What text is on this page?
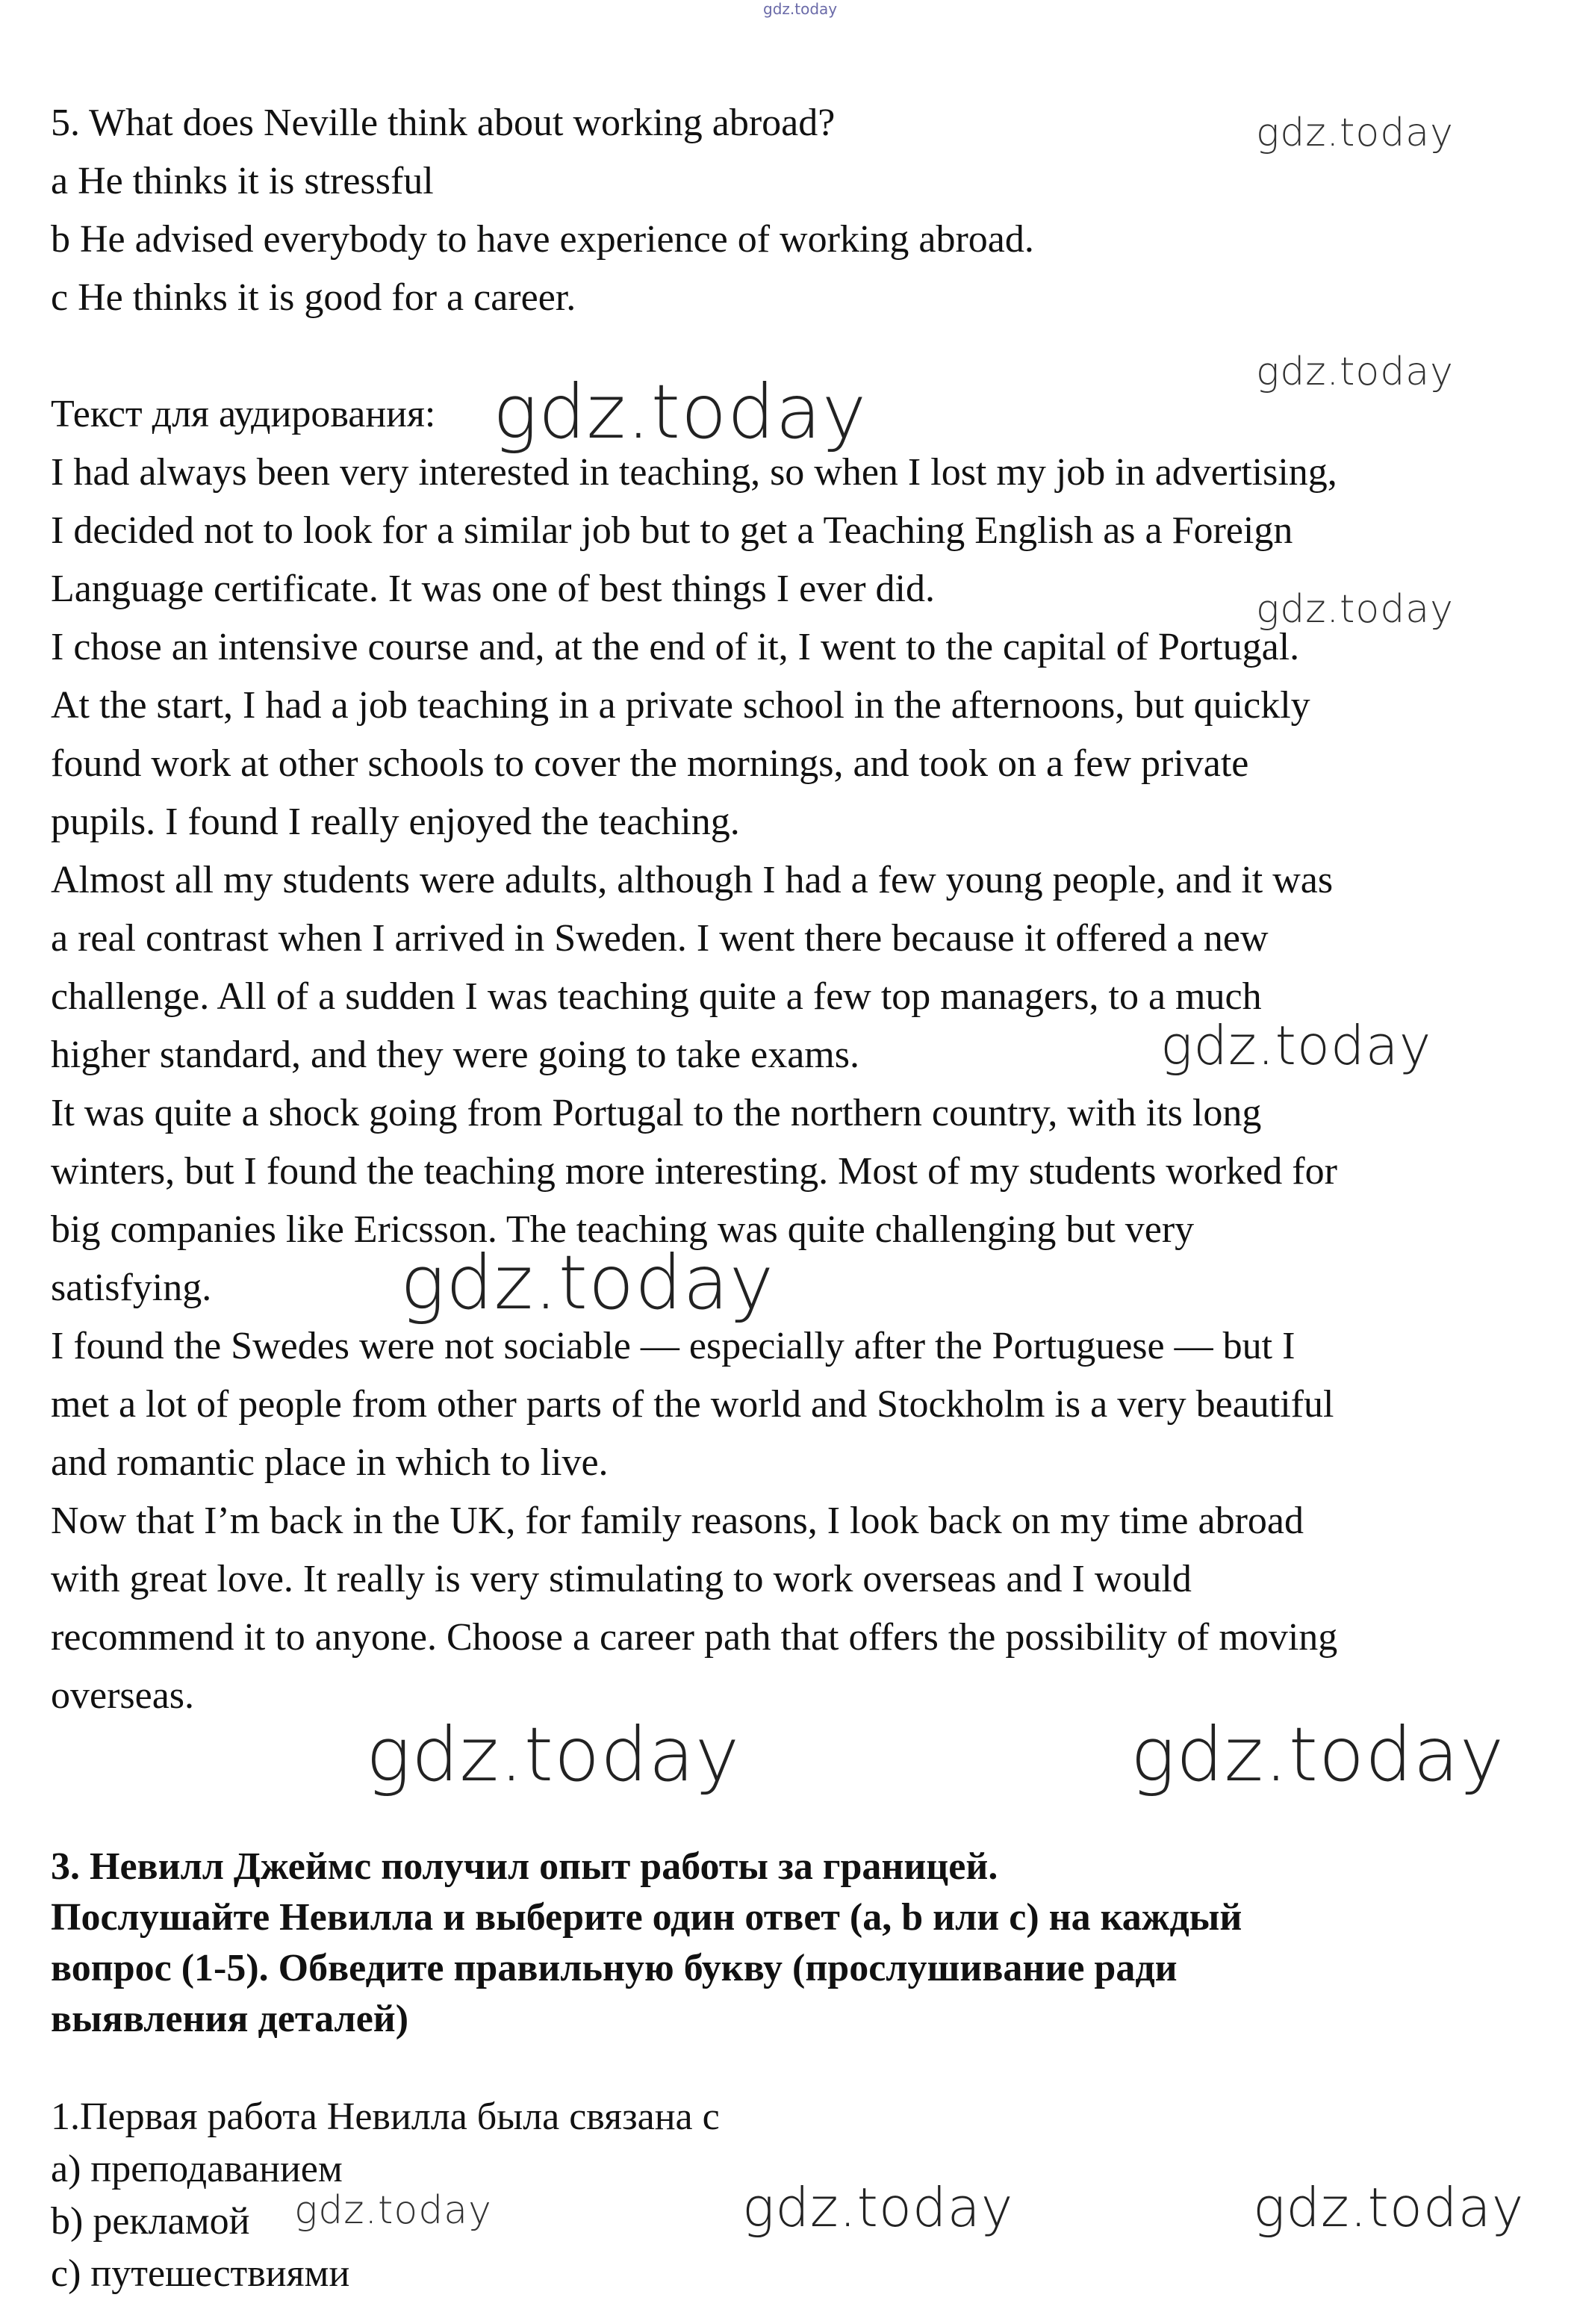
gdz.today

5. What does Neville think about working abroad?

a He thinks it is stressful

b He advised everybody to have experience of working abroad.

c He thinks it is good for a career.

Текст для аудирования:

I had always been very interested in teaching, so when I lost my job in advertising,

I decided not to look for a similar job but to get a Teaching English as a Foreign

Language certificate. It was one of best things I ever did.

I chose an intensive course and, at the end of it, I went to the capital of Portugal.

At the start, I had a job teaching in a private school in the afternoons, but quickly

found work at other schools to cover the mornings, and took on a few private

pupils. I found I really enjoyed the teaching.

Almost all my students were adults, although I had a few young people, and it was

a real contrast when I arrived in Sweden. I went there because it offered a new

challenge. All of a sudden I was teaching quite a few top managers, to a much

higher standard, and they were going to take exams.

It was quite a shock going from Portugal to the northern country, with its long

winters, but I found the teaching more interesting. Most of my students worked for

big companies like Ericsson. The teaching was quite challenging but very

satisfying.

I found the Swedes were not sociable — especially after the Portuguese — but I

met a lot of people from other parts of the world and Stockholm is a very beautiful

and romantic place in which to live.

Now that I’m back in the UK, for family reasons, I look back on my time abroad

with great love. It really is very stimulating to work overseas and I would

recommend it to anyone. Choose a career path that offers the possibility of moving

overseas.

3. Невилл Джеймс получил опыт работы за границей.

Послушайте Невилла и выберите один ответ (a, b или c) на каждый

вопрос (1-5). Обведите правильную букву (прослушивание ради

выявления деталей)

1.Первая работа Невилла была связана с

a) преподаванием

b) рекламой

c) путешествиями

gdz.today
gdz.today
gdz.today
gdz.today
gdz.today
gdz.today
gdz.today	gdz.today
gdz.today	gdz.today	gdz.today
